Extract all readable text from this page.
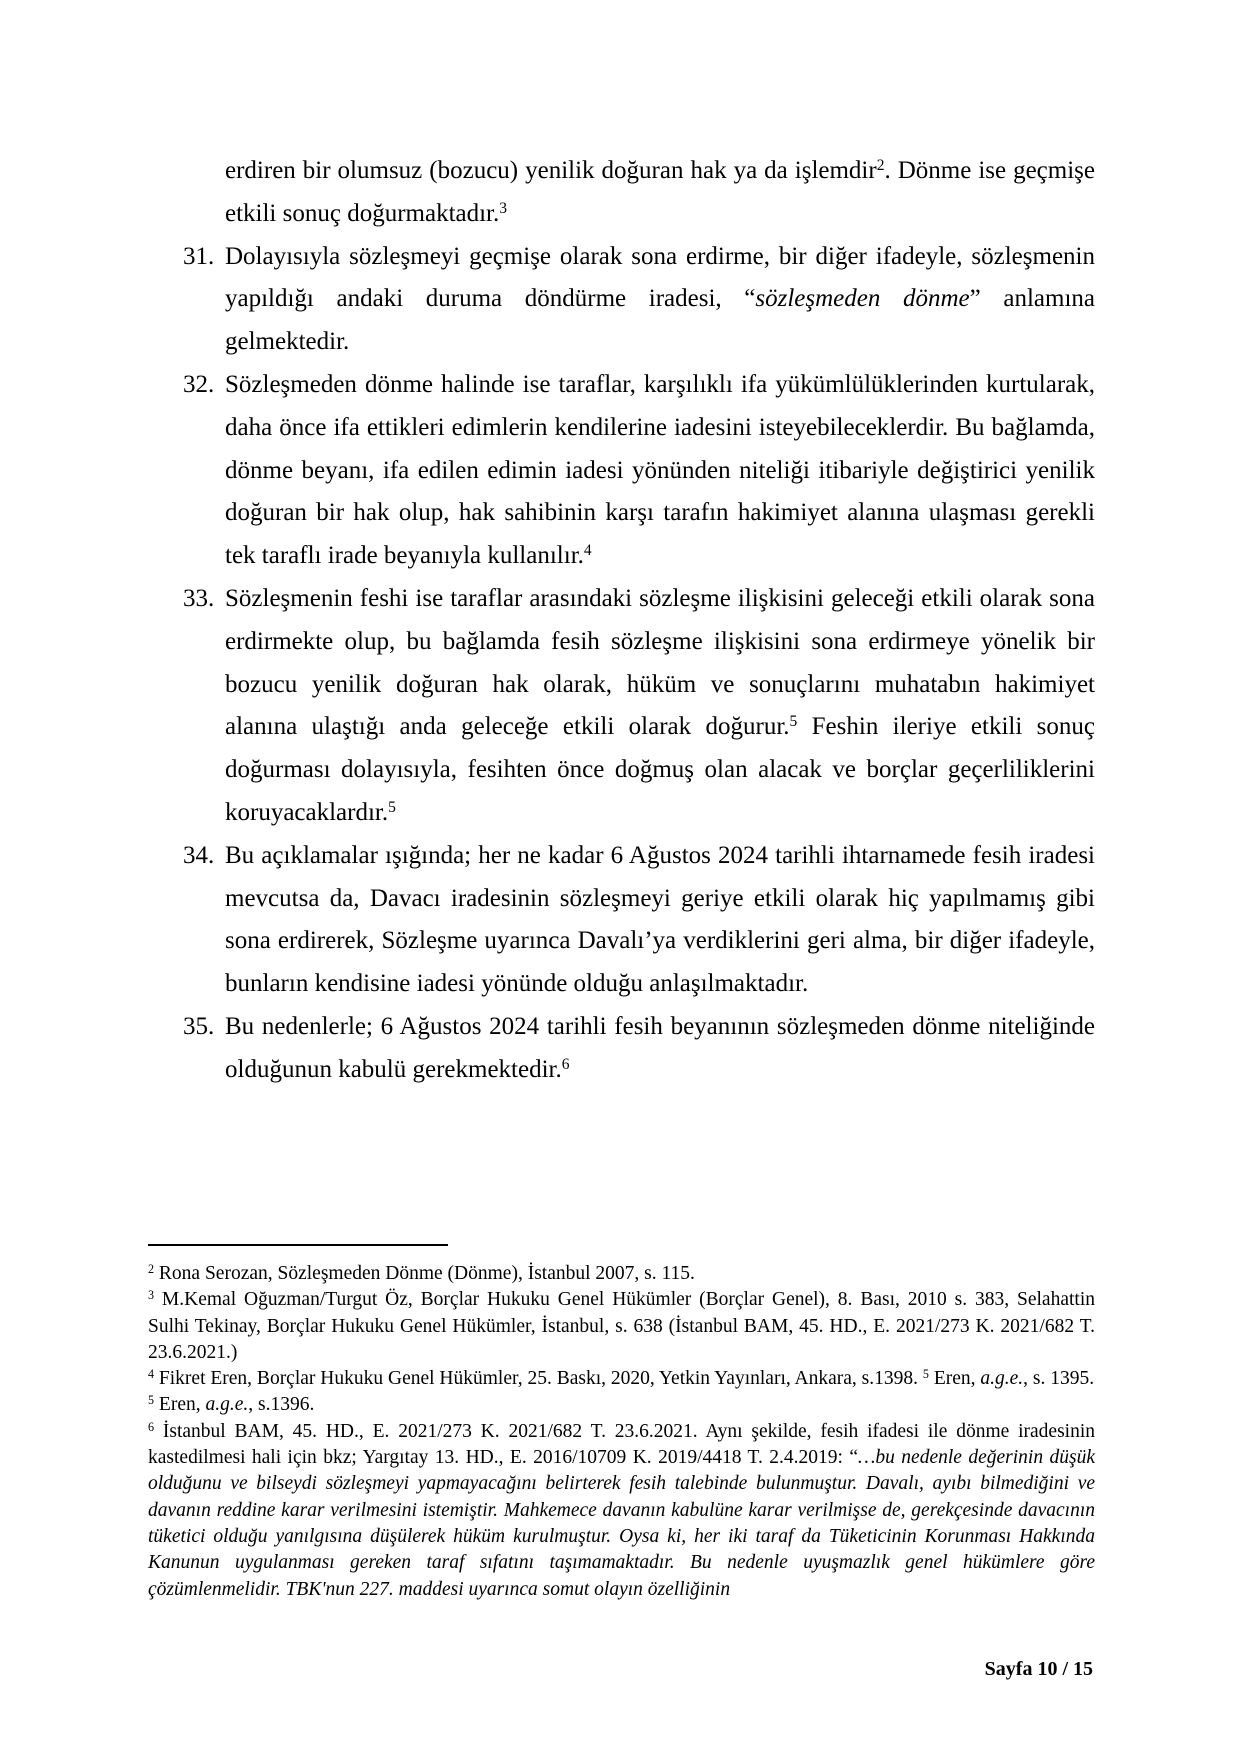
erdiren bir olumsuz (bozucu) yenilik doğuran hak ya da işlemdir$^2$. Dönme ise geçmişe etkili sonuç doğurmaktadır.$^3$
31. Dolayısıyla sözleşmeyi geçmişe olarak sona erdirme, bir diğer ifadeyle, sözleşmenin yapıldığı andaki duruma döndürme iradesi, “sözleşmeden dönme” anlamına gelmektedir.
32. Sözleşmeden dönme halinde ise taraflar, karşılıklı ifa yükümlülüklerinden kurtularak, daha önce ifa ettikleri edimlerin kendilerine iadesini isteyebileceklerdir. Bu bağlamda, dönme beyanı, ifa edilen edimin iadesi yönünden niteliği itibariyle değiştirici yenilik doğuran bir hak olup, hak sahibinin karşı tarafın hakimiyet alanına ulaşması gerekli tek taraflı irade beyanıyla kullanılır.$^4$
33. Sözleşmenin feshi ise taraflar arasındaki sözleşme ilişkisini geleceği etkili olarak sona erdirmekte olup, bu bağlamda fesih sözleşme ilişkisini sona erdirmeye yönelik bir bozucu yenilik doğuran hak olarak, hüküm ve sonuçlarını muhatabın hakimiyet alanına ulaştığı anda geleceğe etkili olarak doğurur.$^5$ Feshin ileriye etkili sonuç doğurması dolayısıyla, fesihten önce doğmuş olan alacak ve borçlar geçerliliklerini koruyacaklardır.$^5$
34. Bu açıklamalar ışığında; her ne kadar 6 Ağustos 2024 tarihli ihtarnamede fesih iradesi mevcutsa da, Davacı iradesinin sözleşmeyi geriye etkili olarak hiç yapılmamış gibi sona erdirerek, Sözleşme uyarınca Davalı’ya verdiklerini geri alma, bir diğer ifadeyle, bunların kendisine iadesi yönünde olduğu anlaşılmaktadır.
35. Bu nedenlerle; 6 Ağustos 2024 tarihli fesih beyanının sözleşmeden dönme niteliğinde olduğunun kabulü gerekmektedir.$^6$
$^2$ Rona Serozan, Sözleşmeden Dönme (Dönme), İstanbul 2007, s. 115.
$^3$ M.Kemal Oğuzman/Turgut Öz, Borçlar Hukuku Genel Hükümler (Borçlar Genel), 8. Bası, 2010 s. 383, Selahattin Sulhi Tekinay, Borçlar Hukuku Genel Hükümler, İstanbul, s. 638 (İstanbul BAM, 45. HD., E. 2021/273 K. 2021/682 T. 23.6.2021.)
$^4$ Fikret Eren, Borçlar Hukuku Genel Hükümler, 25. Baskı, 2020, Yetkin Yayınları, Ankara, s.1398. $^5$ Eren, a.g.e., s. 1395.
$^5$ Eren, a.g.e., s.1396.
$^6$ İstanbul BAM, 45. HD., E. 2021/273 K. 2021/682 T. 23.6.2021. Aynı şekilde, fesih ifadesi ile dönme iradesinin kastedilmesi hali için bkz; Yargıtay 13. HD., E. 2016/10709 K. 2019/4418 T. 2.4.2019: “…bu nedenle değerinin düşük olduğunu ve bilseydi sözleşmeyi yapmayacağını belirterek fesih talebinde bulunmuştur. Davalı, ayıbı bilmediğini ve davanın reddine karar verilmesini istemiştir. Mahkemece davanın kabulüne karar verilmişse de, gerekçesinde davacının tüketici olduğu yanılgısına düşülerek hüküm kurulmuştur. Oysa ki, her iki taraf da Tüketicinin Korunması Hakkında Kanunun uygulanması gereken taraf sıfatını taşımamaktadır. Bu nedenle uyuşmazlık genel hükümlere göre çözümlenmelidir. TBK'nun 227. maddesi uyarınca somut olayın özelliğinin
Sayfa 10 / 15
